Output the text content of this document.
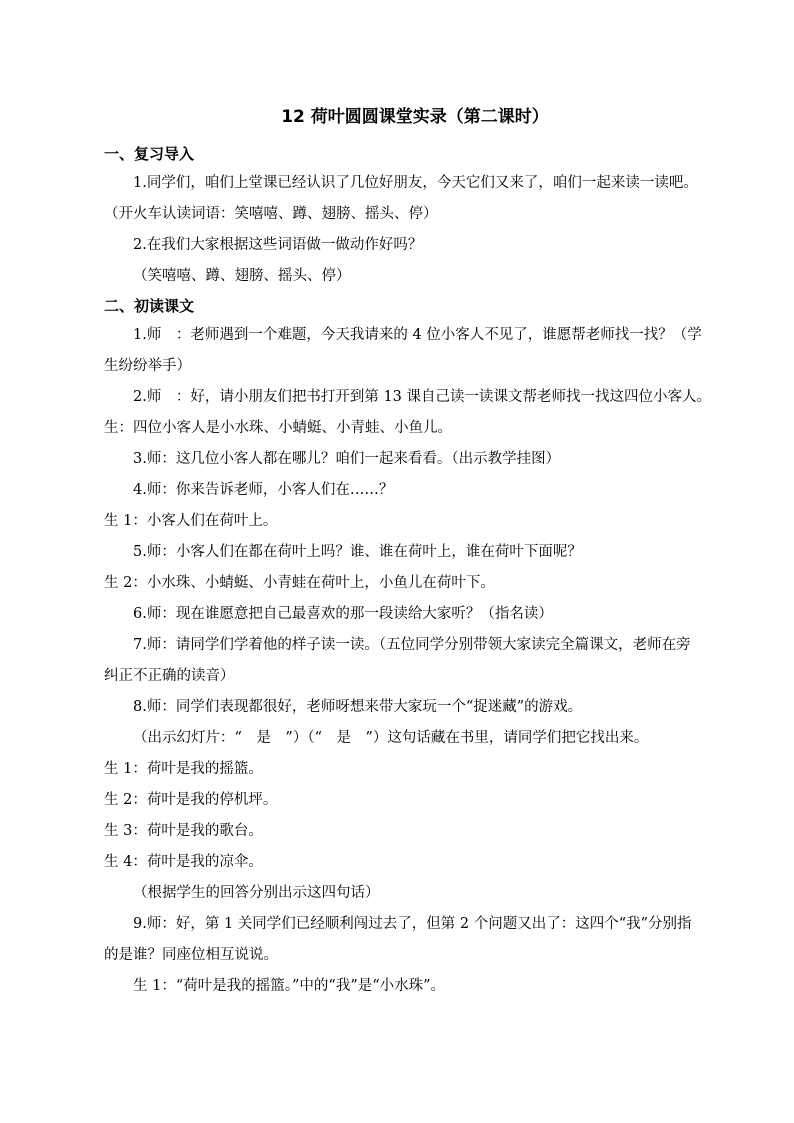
12 荷叶圆圆课堂实录（第二课时）
一、复习导入
1.同学们，咱们上堂课已经认识了几位好朋友，今天它们又来了，咱们一起来读一读吧。
（开火车认读词语：笑嘻嘻、蹲、翅膀、摇头、停）
2.在我们大家根据这些词语做一做动作好吗？
（笑嘻嘻、蹲、翅膀、摇头、停）
二、初读课文
1.师　：老师遇到一个难题，今天我请来的 4 位小客人不见了，谁愿帮老师找一找？（学
生纷纷举手）
2.师　：好，请小朋友们把书打开到第 13 课自己读一读课文帮老师找一找这四位小客人。
生：四位小客人是小水珠、小蜻蜓、小青蛙、小鱼儿。
3.师：这几位小客人都在哪儿？咱们一起来看看。（出示教学挂图）
4.师：你来告诉老师，小客人们在……？
生 1：小客人们在荷叶上。
5.师：小客人们在都在荷叶上吗？谁、谁在荷叶上，谁在荷叶下面呢？
生 2：小水珠、小蜻蜓、小青蛙在荷叶上，小鱼儿在荷叶下。
6.师：现在谁愿意把自己最喜欢的那一段读给大家听？（指名读）
7.师：请同学们学着他的样子读一读。（五位同学分别带领大家读完全篇课文，老师在旁
纠正不正确的读音）
8.师：同学们表现都很好，老师呀想来带大家玩一个“捉迷藏”的游戏。
（出示幻灯片：“　是　”）（“　是　”）这句话藏在书里，请同学们把它找出来。
生 1：荷叶是我的摇篮。
生 2：荷叶是我的停机坪。
生 3：荷叶是我的歌台。
生 4：荷叶是我的凉伞。
（根据学生的回答分别出示这四句话）
9.师：好，第 1 关同学们已经顺利闯过去了，但第 2 个问题又出了：这四个“我”分别指
的是谁？同座位相互说说。
生 1：“荷叶是我的摇篮。”中的“我”是“小水珠”。
